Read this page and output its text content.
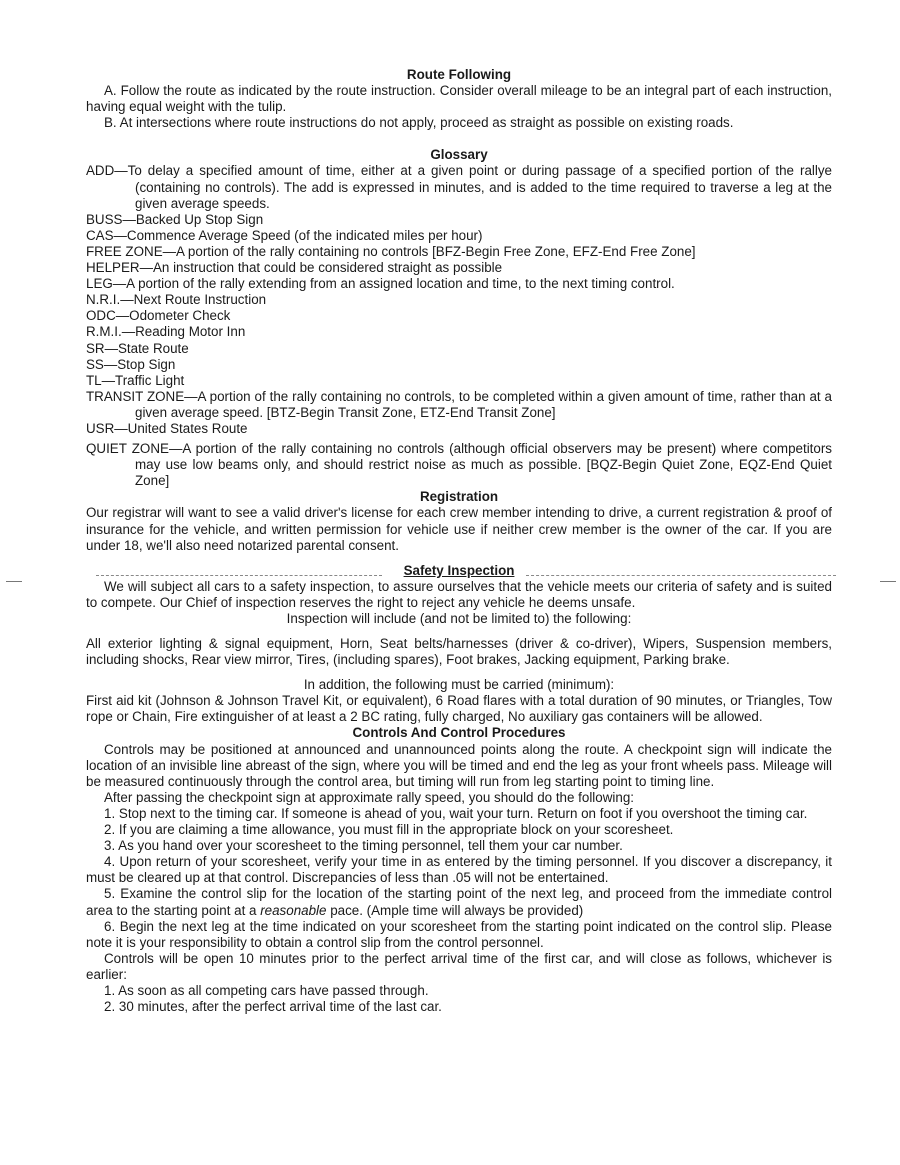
Route Following

A. Follow the route as indicated by the route instruction. Consider overall mileage to be an integral part of each instruction, having equal weight with the tulip.

B. At intersections where route instructions do not apply, proceed as straight as possible on existing roads.

Glossary

ADD—To delay a specified amount of time, either at a given point or during passage of a specified portion of the rallye (containing no controls). The add is expressed in minutes, and is added to the time required to traverse a leg at the given average speeds.

BUSS—Backed Up Stop Sign

CAS—Commence Average Speed (of the indicated miles per hour)

FREE ZONE—A portion of the rally containing no controls [BFZ-Begin Free Zone, EFZ-End Free Zone]

HELPER—An instruction that could be considered straight as possible

LEG—A portion of the rally extending from an assigned location and time, to the next timing control.

N.R.I.—Next Route Instruction

ODC—Odometer Check

R.M.I.—Reading Motor Inn

SR—State Route

SS—Stop Sign

TL—Traffic Light

TRANSIT ZONE—A portion of the rally containing no controls, to be completed within a given amount of time, rather than at a given average speed. [BTZ-Begin Transit Zone, ETZ-End Transit Zone]

USR—United States Route

QUIET ZONE—A portion of the rally containing no controls (although official observers may be present) where competitors may use low beams only, and should restrict noise as much as possible. [BQZ-Begin Quiet Zone, EQZ-End Quiet Zone]

Registration

Our registrar will want to see a valid driver's license for each crew member intending to drive, a current registration & proof of insurance for the vehicle, and written permission for vehicle use if neither crew member is the owner of the car. If you are under 18, we'll also need notarized parental consent.

Safety Inspection

We will subject all cars to a safety inspection, to assure ourselves that the vehicle meets our criteria of safety and is suited to compete. Our Chief of inspection reserves the right to reject any vehicle he deems unsafe.

Inspection will include (and not be limited to) the following:

All exterior lighting & signal equipment, Horn, Seat belts/harnesses (driver & co-driver), Wipers, Suspension members, including shocks, Rear view mirror, Tires, (including spares), Foot brakes, Jacking equipment, Parking brake.

In addition, the following must be carried (minimum):

First aid kit (Johnson & Johnson Travel Kit, or equivalent), 6 Road flares with a total duration of 90 minutes, or Triangles, Tow rope or Chain, Fire extinguisher of at least a 2 BC rating, fully charged, No auxiliary gas containers will be allowed.

Controls And Control Procedures

Controls may be positioned at announced and unannounced points along the route. A checkpoint sign will indicate the location of an invisible line abreast of the sign, where you will be timed and end the leg as your front wheels pass. Mileage will be measured continuously through the control area, but timing will run from leg starting point to timing line.

After passing the checkpoint sign at approximate rally speed, you should do the following:

1. Stop next to the timing car. If someone is ahead of you, wait your turn. Return on foot if you overshoot the timing car.

2. If you are claiming a time allowance, you must fill in the appropriate block on your scoresheet.

3. As you hand over your scoresheet to the timing personnel, tell them your car number.

4. Upon return of your scoresheet, verify your time in as entered by the timing personnel. If you discover a discrepancy, it must be cleared up at that control. Discrepancies of less than .05 will not be entertained.

5. Examine the control slip for the location of the starting point of the next leg, and proceed from the immediate control area to the starting point at a reasonable pace. (Ample time will always be provided)

6. Begin the next leg at the time indicated on your scoresheet from the starting point indicated on the control slip. Please note it is your responsibility to obtain a control slip from the control personnel.

Controls will be open 10 minutes prior to the perfect arrival time of the first car, and will close as follows, whichever is earlier:

1. As soon as all competing cars have passed through.

2. 30 minutes, after the perfect arrival time of the last car.
